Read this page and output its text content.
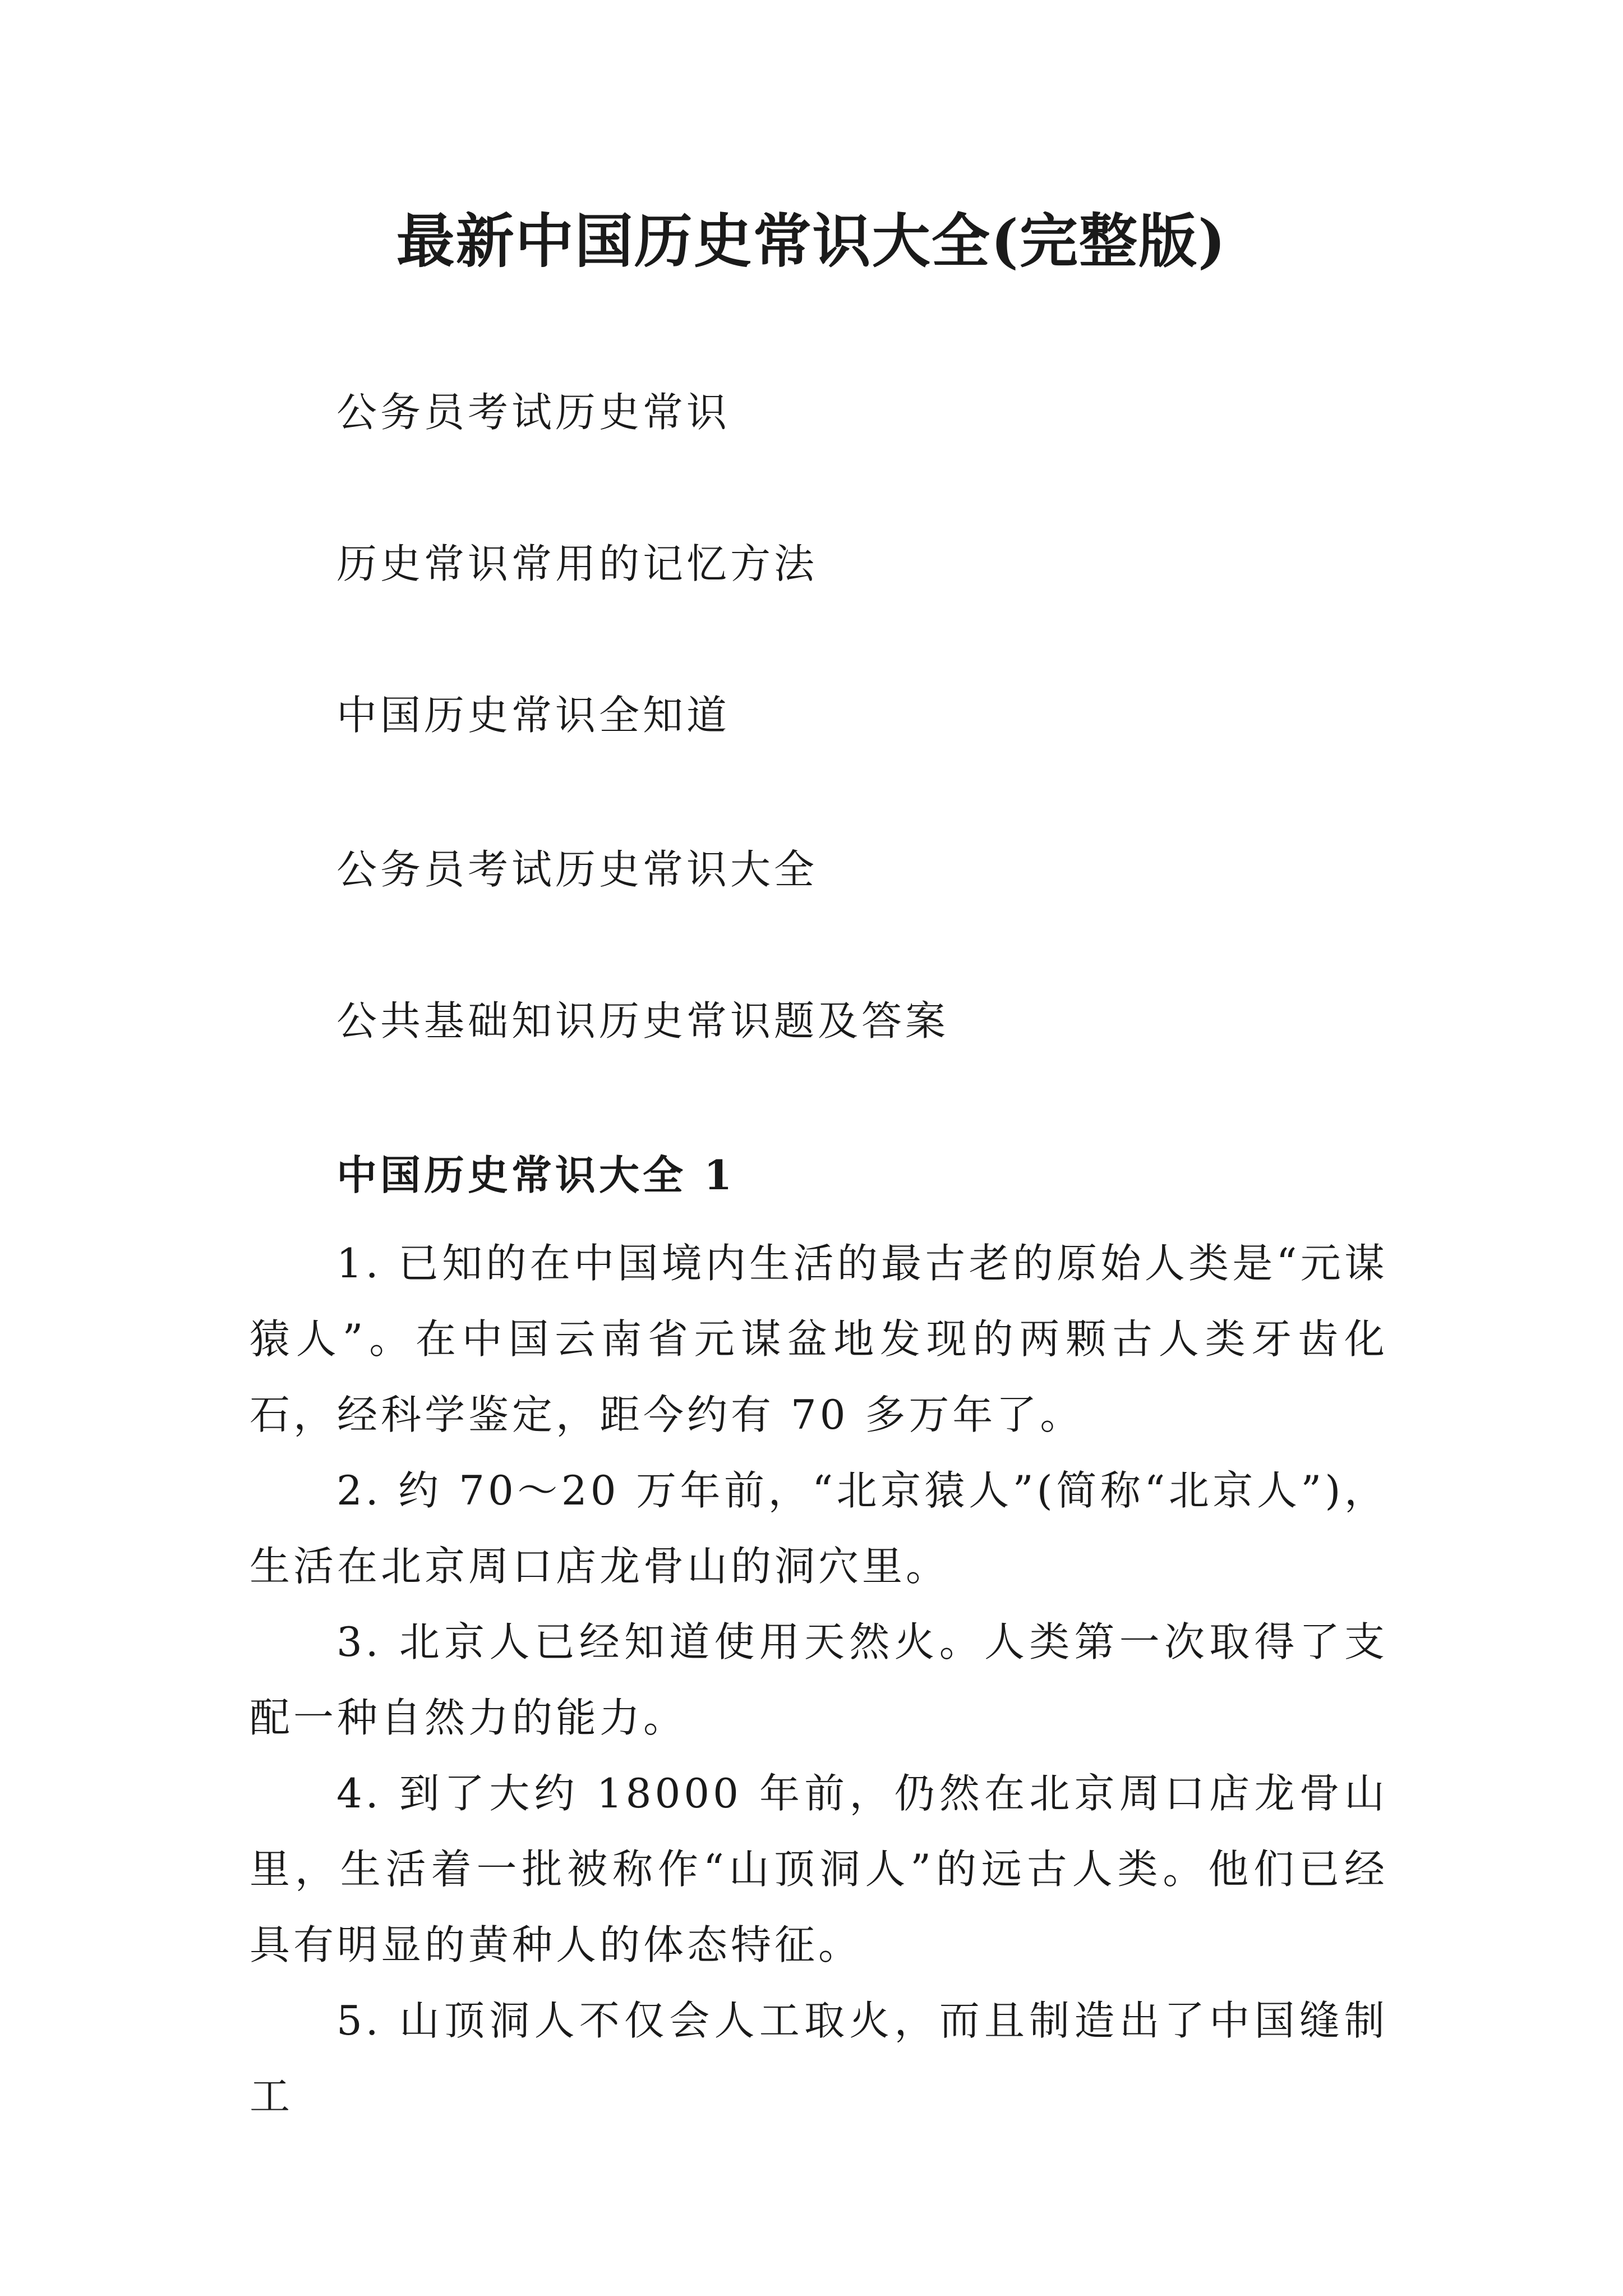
最新中国历史常识大全(完整版)

公务员考试历史常识

历史常识常用的记忆方法

中国历史常识全知道

公务员考试历史常识大全

公共基础知识历史常识题及答案

中国历史常识大全 1

1. 已知的在中国境内生活的最古老的原始人类是“元谋猿人”。在中国云南省元谋盆地发现的两颗古人类牙齿化石，经科学鉴定，距今约有 70 多万年了。

2. 约 70～20 万年前，“北京猿人”(简称“北京人”)，生活在北京周口店龙骨山的洞穴里。

3. 北京人已经知道使用天然火。人类第一次取得了支配一种自然力的能力。

4. 到了大约 18000 年前，仍然在北京周口店龙骨山里，生活着一批被称作“山顶洞人”的远古人类。他们已经具有明显的黄种人的体态特征。

5. 山顶洞人不仅会人工取火，而且制造出了中国缝制工
